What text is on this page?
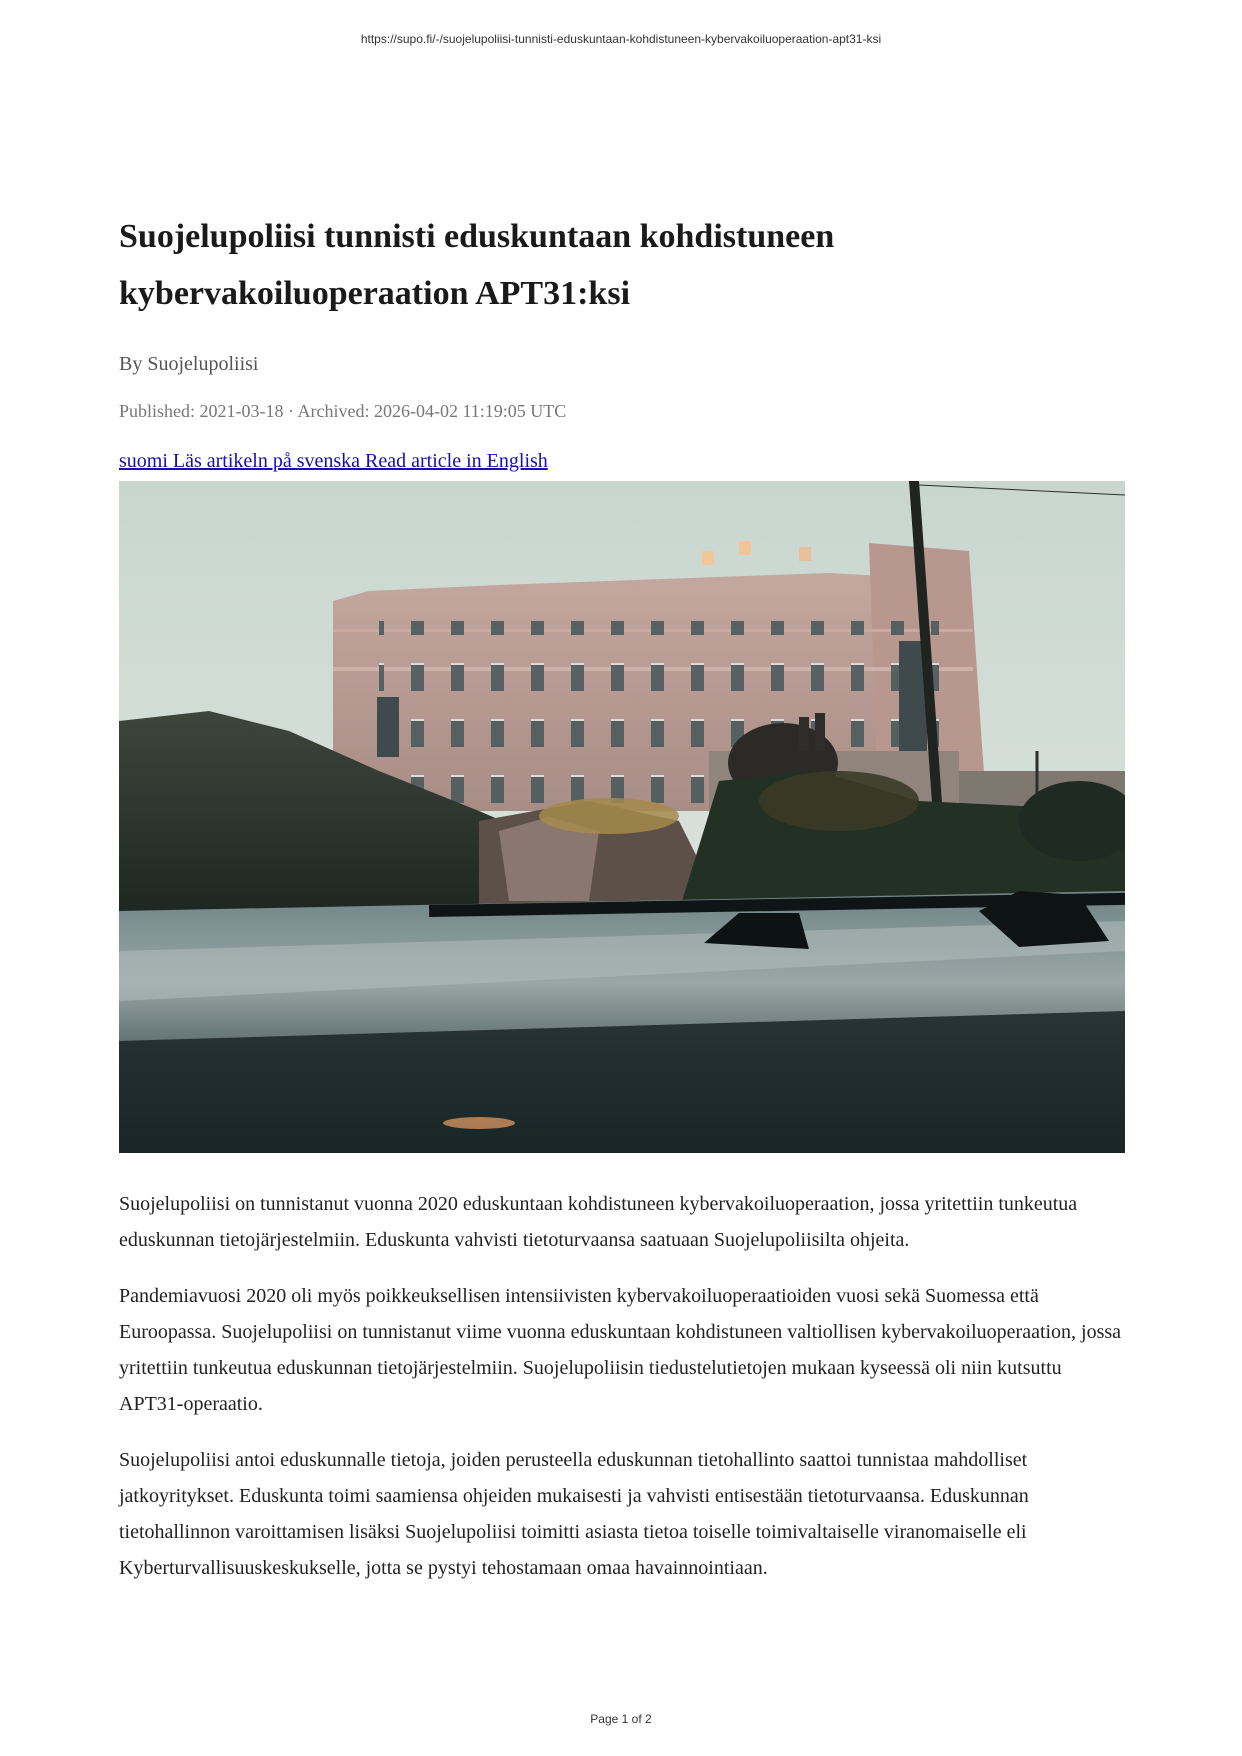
https://supo.fi/-/suojelupoliisi-tunnisti-eduskuntaan-kohdistuneen-kybervakoiluoperaation-apt31-ksi
Suojelupoliisi tunnisti eduskuntaan kohdistuneen
kybervakoiluoperaation APT31:ksi

By Suojelupoliisi

Published: 2021-03-18 · Archived: 2026-04-02 11:19:05 UTC

suomi Läs artikeln på svenska Read article in English

Suojelupoliisi on tunnistanut vuonna 2020 eduskuntaan kohdistuneen kybervakoiluoperaation, jossa yritettiin tunkeutua eduskunnan tietojärjestelmiin. Eduskunta vahvisti tietoturvaansa saatuaan Suojelupoliisilta ohjeita.

Pandemiavuosi 2020 oli myös poikkeuksellisen intensiivisten kybervakoiluoperaatioiden vuosi sekä Suomessa että Euroopassa. Suojelupoliisi on tunnistanut viime vuonna eduskuntaan kohdistuneen valtiollisen kybervakoiluoperaation, jossa yritettiin tunkeutua eduskunnan tietojärjestelmiin. Suojelupoliisin tiedustelutietojen mukaan kyseessä oli niin kutsuttu APT31-operaatio.

Suojelupoliisi antoi eduskunnalle tietoja, joiden perusteella eduskunnan tietohallinto saattoi tunnistaa mahdolliset jatkoyritykset. Eduskunta toimi saamiensa ohjeiden mukaisesti ja vahvisti entisestään tietoturvaansa. Eduskunnan tietohallinnon varoittamisen lisäksi Suojelupoliisi toimitti asiasta tietoa toiselle toimivaltaiselle viranomaiselle eli Kyberturvallisuuskeskukselle, jotta se pystyi tehostamaan omaa havainnointiaan.

Page 1 of 2
